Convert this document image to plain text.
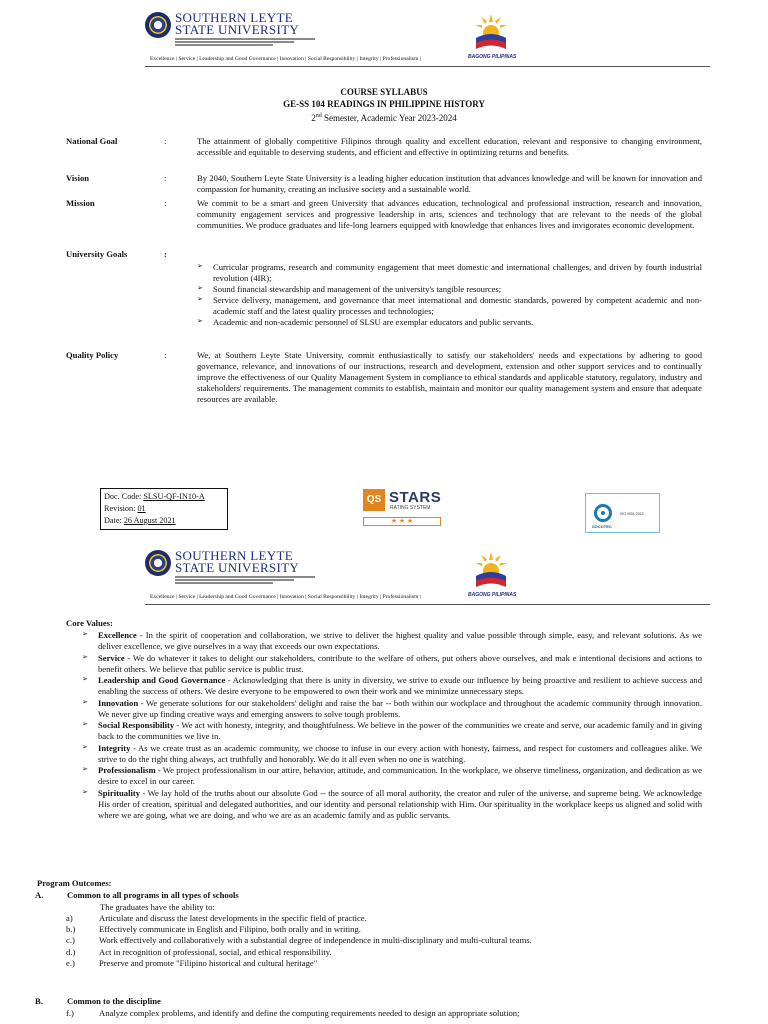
SOUTHERN LEYTE
STATE UNIVERSITY
Excellence | Service | Leadership and Good Governance | Innovation | Social Responsibility | Integrity | Professionalism |	BAGONG PILIPINAS
COURSE SYLLABUS
GE-SS 104 READINGS IN PHILIPPINE HISTORY
2nd Semester, Academic Year 2023-2024
National Goal	:	The attainment of globally competitive Filipinos through quality and excellent education, relevant and responsive to changing environment, accessible and equitable to deserving students, and efficient and effective in optimizing returns and benefits.
Vision	:	By 2040, Southern Leyte State University is a leading higher education institution that advances knowledge and will be known for innovation and compassion for humanity, creating an inclusive society and a sustainable world.
Mission	:	We commit to be a smart and green University that advances education, technological and professional instruction, research and innovation, community engagement services and progressive leadership in arts, sciences and technology that are relevant to the needs of the global communities. We produce graduates and life-long learners equipped with knowledge that enhances lives and invigorates economic development.
University Goals	:
➢ Curricular programs, research and community engagement that meet domestic and international challenges, and driven by fourth industrial revolution (4IR);
➢ Sound financial stewardship and management of the university's tangible resources;
➢ Service delivery, management, and governance that meet international and domestic standards, powered by competent academic and non-academic staff and the latest quality processes and technologies;
➢ Academic and non-academic personnel of SLSU are exemplar educators and public servants.
Quality Policy	:	We, at Southern Leyte State University, commit enthusiastically to satisfy our stakeholders' needs and expectations by adhering to good governance, relevance, and innovations of our instructions, research and development, extension and other support services and to continually improve the effectiveness of our Quality Management System in compliance to ethical standards and applicable statutory, regulatory, industry and stakeholders' requirements. The management commits to establish, maintain and monitor our quality management system and ensure that adequate resources are available.
Doc. Code: SLSU-QF-IN10-A
Revision: 01
Date: 26 August 2021
QS STARS
RATING SYSTEM
★ ★ ★
ISO 9001:2015
SOCOTEC
SOUTHERN LEYTE
STATE UNIVERSITY
Excellence | Service | Leadership and Good Governance | Innovation | Social Responsibility | Integrity | Professionalism |	BAGONG PILIPINAS
Core Values:
➢ Excellence - In the spirit of cooperation and collaboration, we strive to deliver the highest quality and value possible through simple, easy, and relevant solutions. As we deliver excellence, we give ourselves in a way that exceeds our own expectations.
➢ Service - We do whatever it takes to delight our stakeholders, contribute to the welfare of others, put others above ourselves, and mak e intentional decisions and actions to benefit others. We believe that public service is public trust.
➢ Leadership and Good Governance - Acknowledging that there is unity in diversity, we strive to exude our influence by being proactive and resilient to achieve success and enabling the success of others. We desire everyone to be empowered to own their work and we minimize unnecessary steps.
➢ Innovation - We generate solutions for our stakeholders' delight and raise the bar -- both within our workplace and throughout the academic community through innovation. We never give up finding creative ways and emerging answers to solve tough problems.
➢ Social Responsibility - We act with honesty, integrity, and thoughtfulness. We believe in the power of the communities we create and serve, our academic family and in giving back to the communities we live in.
➢ Integrity - As we create trust as an academic community, we choose to infuse in our every action with honesty, fairness, and respect for customers and colleagues alike. We strive to do the right thing always, act truthfully and honorably. We do it all even when no one is watching.
➢ Professionalism - We project professionalism in our attire, behavior, attitude, and communication. In the workplace, we observe timeliness, organization, and dedication as we desire to excel in our career.
➢ Spirituality - We lay hold of the truths about our absolute God -- the source of all moral authority, the creator and ruler of the universe, and supreme being. We acknowledge His order of creation, spiritual and delegated authorities, and our identity and personal relationship with Him. Our spirituality in the workplace keeps us aligned and solid with where we are going, what we are doing, and who we are as an academic family and as public servants.
Program Outcomes:
A.	Common to all programs in all types of schools
The graduates have the ability to:
a)	Articulate and discuss the latest developments in the specific field of practice.
b.)	Effectively communicate in English and Filipino, both orally and in writing.
c.)	Work effectively and collaboratively with a substantial degree of independence in multi-disciplinary and multi-cultural teams.
d.)	Act in recognition of professional, social, and ethical responsibility.
e.)	Preserve and promote "Filipino historical and cultural heritage"
B.	Common to the discipline
f.)	Analyze complex problems, and identify and define the computing requirements needed to design an appropriate solution;
